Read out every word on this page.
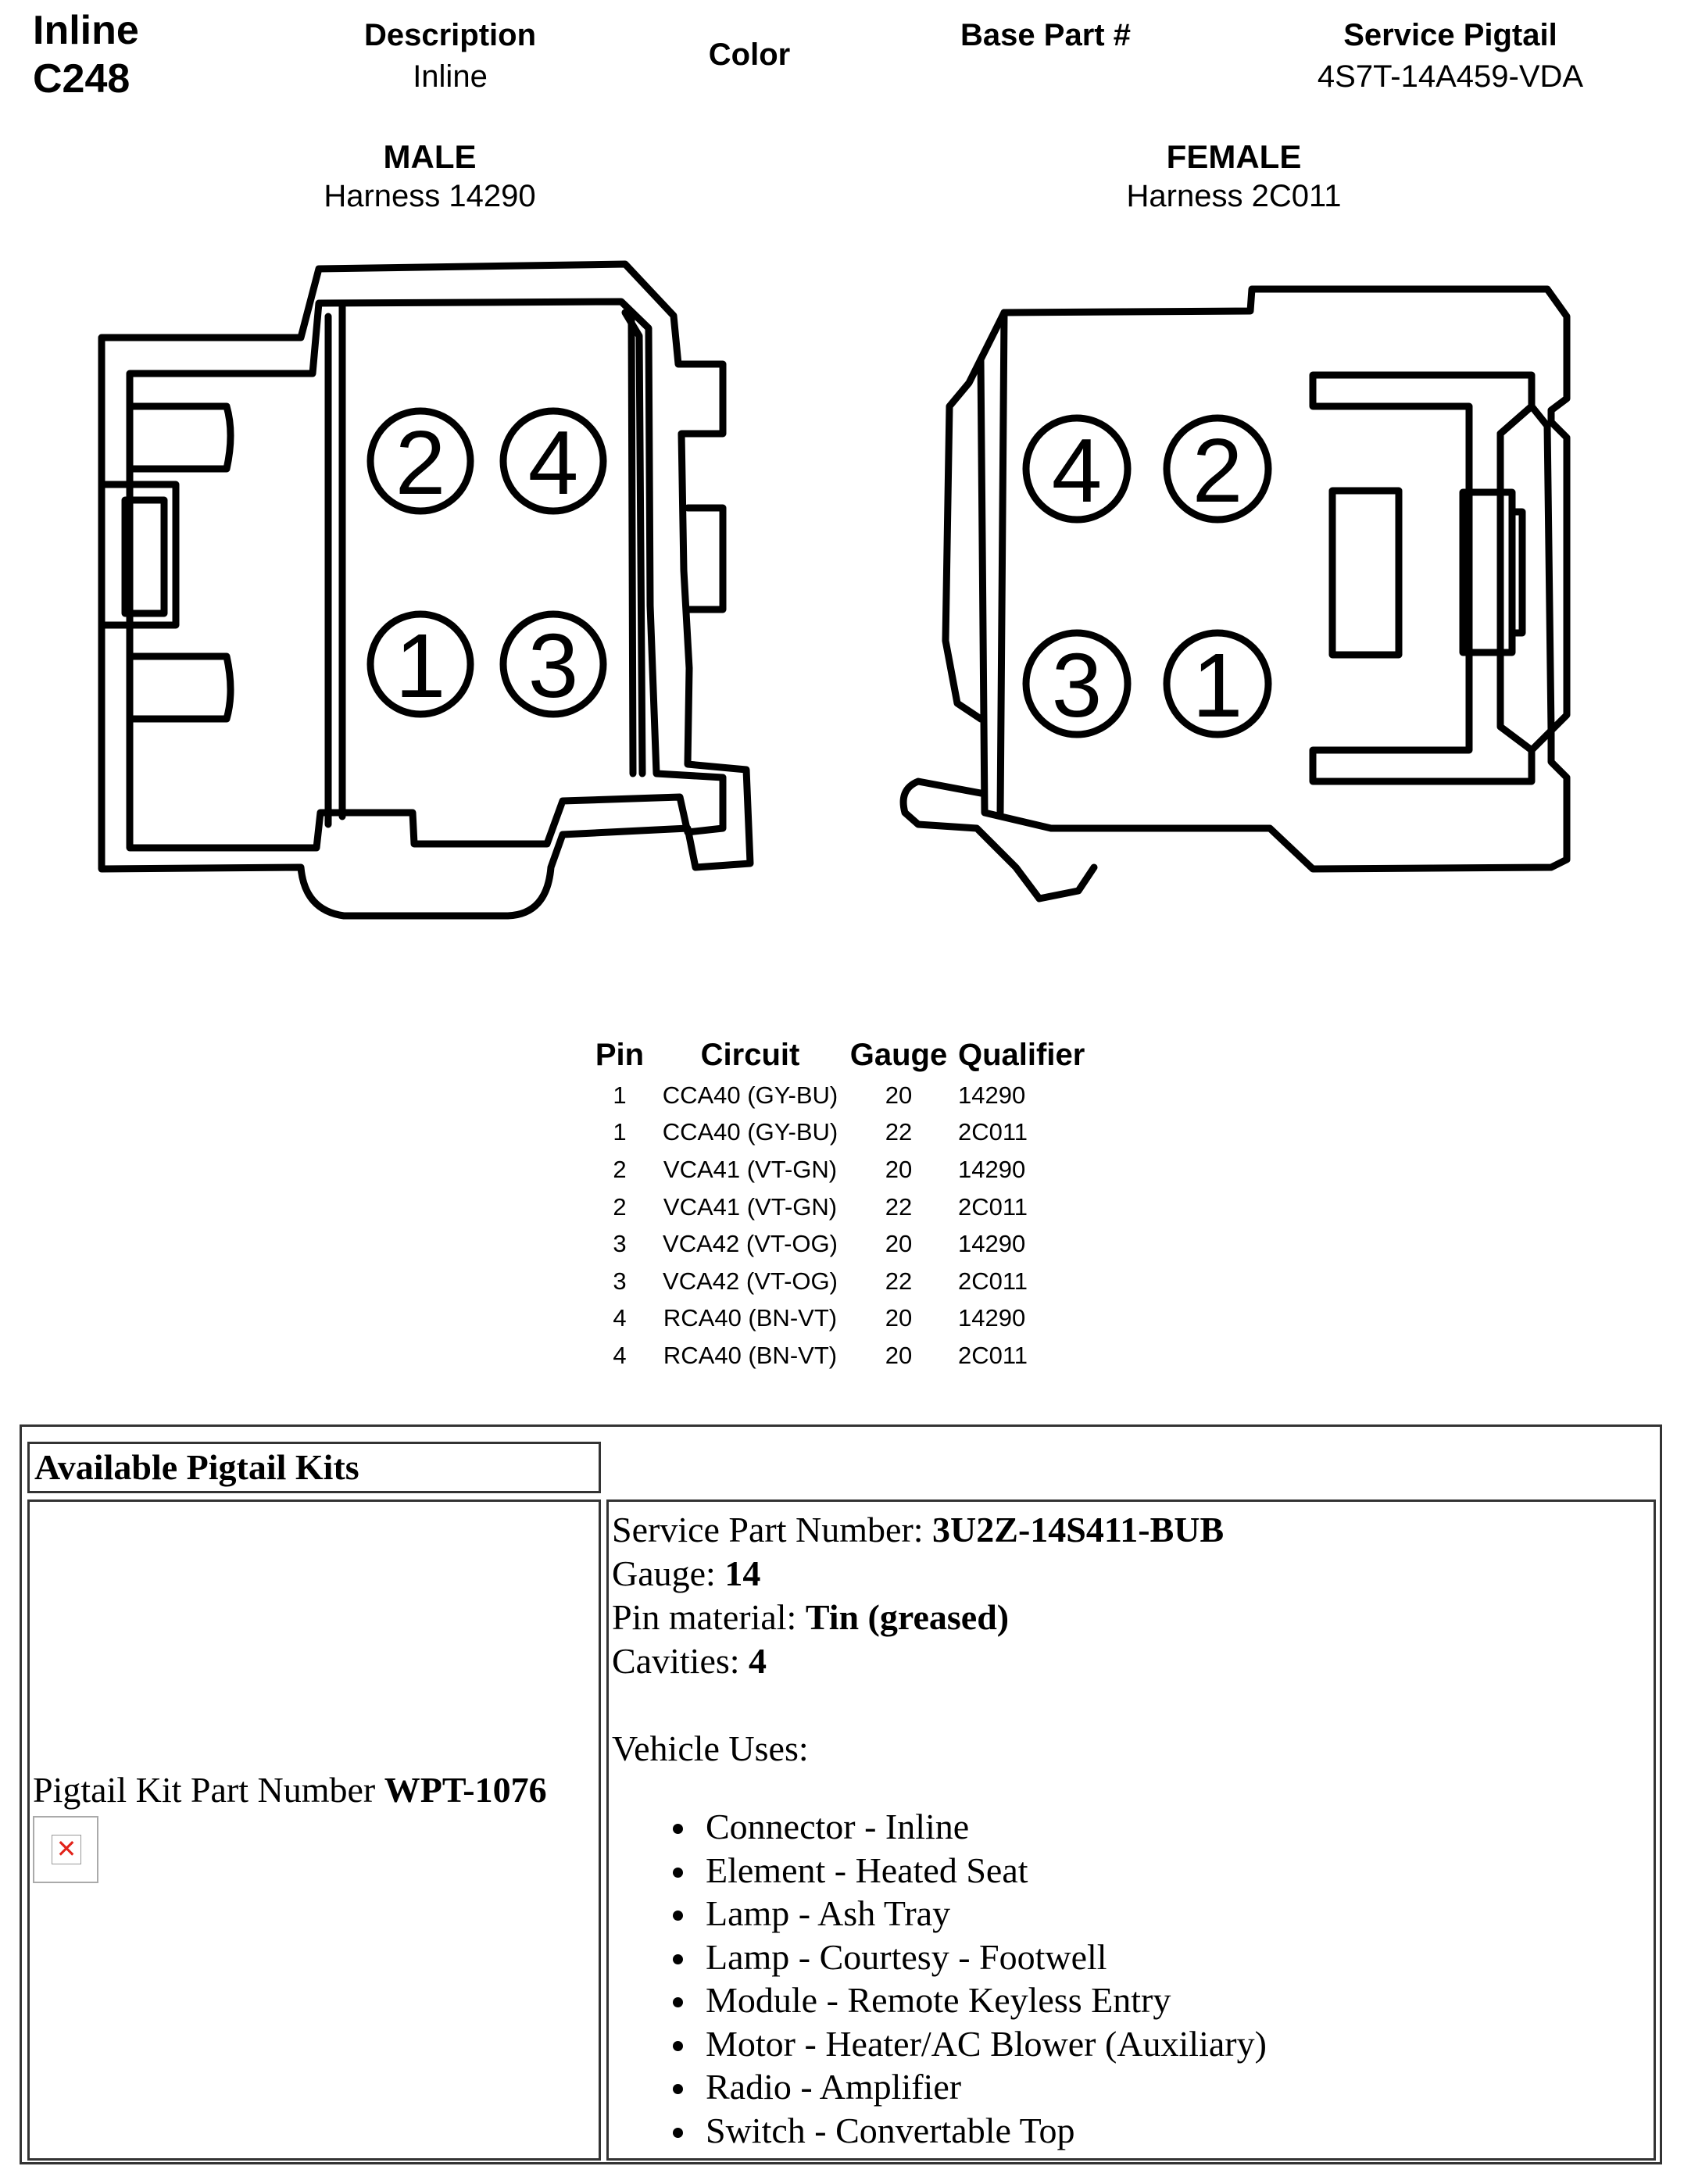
Inline
C248
Description
Inline
Color
Base Part #	Service Pigtail
4S7T-14A459-VDA
MALE
Harness 14290
FEMALE
Harness 2C011
2 4
1 3
4 2
3 1
Pin	Circuit	Gauge	Qualifier
1	CCA40 (GY-BU)	20	14290
1	CCA40 (GY-BU)	22	2C011
2	VCA41 (VT-GN)	20	14290
2	VCA41 (VT-GN)	22	2C011
3	VCA42 (VT-OG)	20	14290
3	VCA42 (VT-OG)	22	2C011
4	RCA40 (BN-VT)	20	14290
4	RCA40 (BN-VT)	20	2C011
Available Pigtail Kits
Pigtail Kit Part Number WPT-1076
✕
Service Part Number: 3U2Z-14S411-BUB
Gauge: 14
Pin material: Tin (greased)
Cavities: 4
Vehicle Uses:
Connector - Inline
Element - Heated Seat
Lamp - Ash Tray
Lamp - Courtesy - Footwell
Module - Remote Keyless Entry
Motor - Heater/AC Blower (Auxiliary)
Radio - Amplifier
Switch - Convertable Top
